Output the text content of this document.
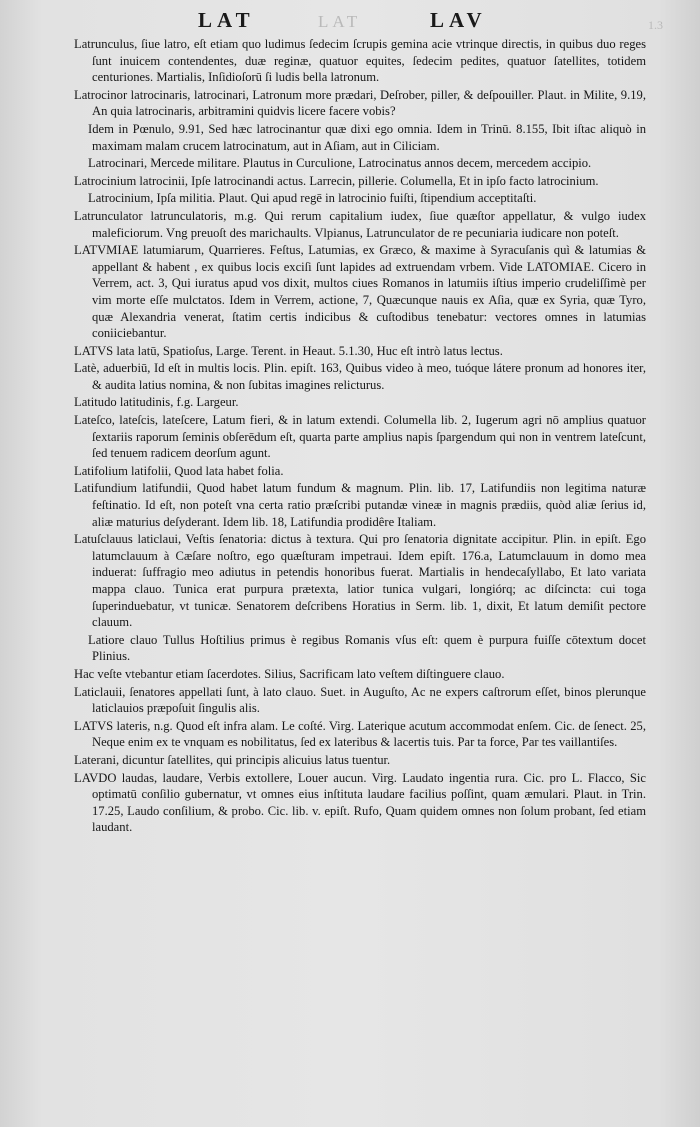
LAT	LAT	LAV	1.3

Latrunculus, ſiue latro, eſt etiam quo ludimus ſedecim ſcrupis gemina acie vtrinque directis, in quibus duo reges ſunt inuicem contendentes, duæ reginæ, quatuor equites, ſedecim pedites, quatuor ſatellites, totidem centuriones. Martialis, Inſidioſorū ſi ludis bella latronum.

Latrocinor latrocinaris, latrocinari, Latronum more prædari, Deſrober, piller, & deſpouiller. Plaut. in Milite, 9.19, An quia latrocinaris, arbitramini quidvis licere facere vobis?

Idem in Pœnulo, 9.91, Sed hæc latrocinantur quæ dixi ego omnia. Idem in Trinū. 8.155, Ibit iſtac aliquò in maximam malam crucem latrocinatum, aut in Aſiam, aut in Ciliciam.

Latrocinari, Mercede militare. Plautus in Curculione, Latrocinatus annos decem, mercedem accipio.

Latrocinium latrocinii, Ipſe latrocinandi actus. Larrecin, pillerie. Columella, Et in ipſo facto latrocinium.

Latrocinium, Ipſa militia. Plaut. Qui apud regē in latrocinio fuiſti, ſtipendium acceptitaſti.

Latrunculator latrunculatoris, m.g. Qui rerum capitalium iudex, ſiue quæſtor appellatur, & vulgo iudex maleficiorum. Vng preuoſt des marichaults. Vlpianus, Latrunculator de re pecuniaria iudicare non poteſt.

LATVMIAE latumiarum, Quarrieres. Feſtus, Latumias, ex Græco, & maxime à Syracuſanis quì & latumias & appellant & habent , ex quibus locis exciſi ſunt lapides ad extruendam vrbem. Vide LATOMIAE. Cicero in Verrem, act. 3, Qui iuratus apud vos dixit, multos ciues Romanos in latumiis iſtius imperio crudeliſſimè per vim morte eſſe mulctatos. Idem in Verrem, actione, 7, Quæcunque nauis ex Aſia, quæ ex Syria, quæ Tyro, quæ Alexandria venerat, ſtatim certis indicibus & cuſtodibus tenebatur: vectores omnes in latumias coniiciebantur.

LATVS lata latū, Spatioſus, Large. Terent. in Heaut. 5.1.30, Huc eſt intrò latus lectus.

Latè, aduerbiū, Id eſt in multis locis. Plin. epiſt. 163, Quibus video à meo, tuóque látere pronum ad honores iter, & audita latius nomina, & non ſubitas imagines relicturus.

Latitudo latitudinis, f.g. Largeur.

Lateſco, lateſcis, lateſcere, Latum fieri, & in latum extendi. Columella lib. 2, Iugerum agri nō amplius quatuor ſextariis raporum ſeminis obſerēdum eſt, quarta parte amplius napis ſpargendum qui non in ventrem lateſcunt, ſed tenuem radicem deorſum agunt.

Latifolium latifolii, Quod lata habet folia.

Latifundium latifundii, Quod habet latum fundum & magnum. Plin. lib. 17, Latifundiis non legitima naturæ feſtinatio. Id eſt, non poteſt vna certa ratio præſcribi putandæ vineæ in magnis prædiis, quòd aliæ ſerius id, aliæ maturius deſyderant. Idem lib. 18, Latifundia prodidêre Italiam.

Latuſclauus laticlaui, Veſtis ſenatoria: dictus à textura. Qui pro ſenatoria dignitate accipitur. Plin. in epiſt. Ego latumclauum à Cæſare noſtro, ego quæſturam impetraui. Idem epiſt. 176.a, Latumclauum in domo mea induerat: ſuffragio meo adiutus in petendis honoribus fuerat. Martialis in hendecaſyllabo, Et lato variata mappa clauo. Tunica erat purpura prætexta, latior tunica vulgari, longiórq; ac diſcincta: cui toga ſuperinduebatur, vt tunicæ. Senatorem deſcribens Horatius in Serm. lib. 1, dixit, Et latum demiſit pectore clauum.

Latiore clauo Tullus Hoſtilius primus è regibus Romanis vſus eſt: quem è purpura fuiſſe cōtextum docet Plinius.

Hac veſte vtebantur etiam ſacerdotes. Silius, Sacrificam lato veſtem diſtinguere clauo.

Laticlauii, ſenatores appellati ſunt, à lato clauo. Suet. in Auguſto, Ac ne expers caſtrorum eſſet, binos plerunque laticlauios præpoſuit ſingulis alis.

LATVS lateris, n.g. Quod eſt infra alam. Le coſté. Virg. Laterique acutum accommodat enſem. Cic. de ſenect. 25, Neque enim ex te vnquam es nobilitatus, ſed ex lateribus & lacertis tuis. Par ta force, Par tes vaillantiſes.

Laterani, dicuntur ſatellites, qui principis alicuius latus tuentur.

LAVDO laudas, laudare, Verbis extollere, Louer aucun. Virg. Laudato ingentia rura. Cic. pro L. Flacco, Sic optimatū conſilio gubernatur, vt omnes eius inſtituta laudare facilius poſſint, quam æmulari. Plaut. in Trin. 17.25, Laudo conſilium, & probo. Cic. lib. v. epiſt. Rufo, Quam quidem omnes non ſolum probant, ſed etiam laudant.
